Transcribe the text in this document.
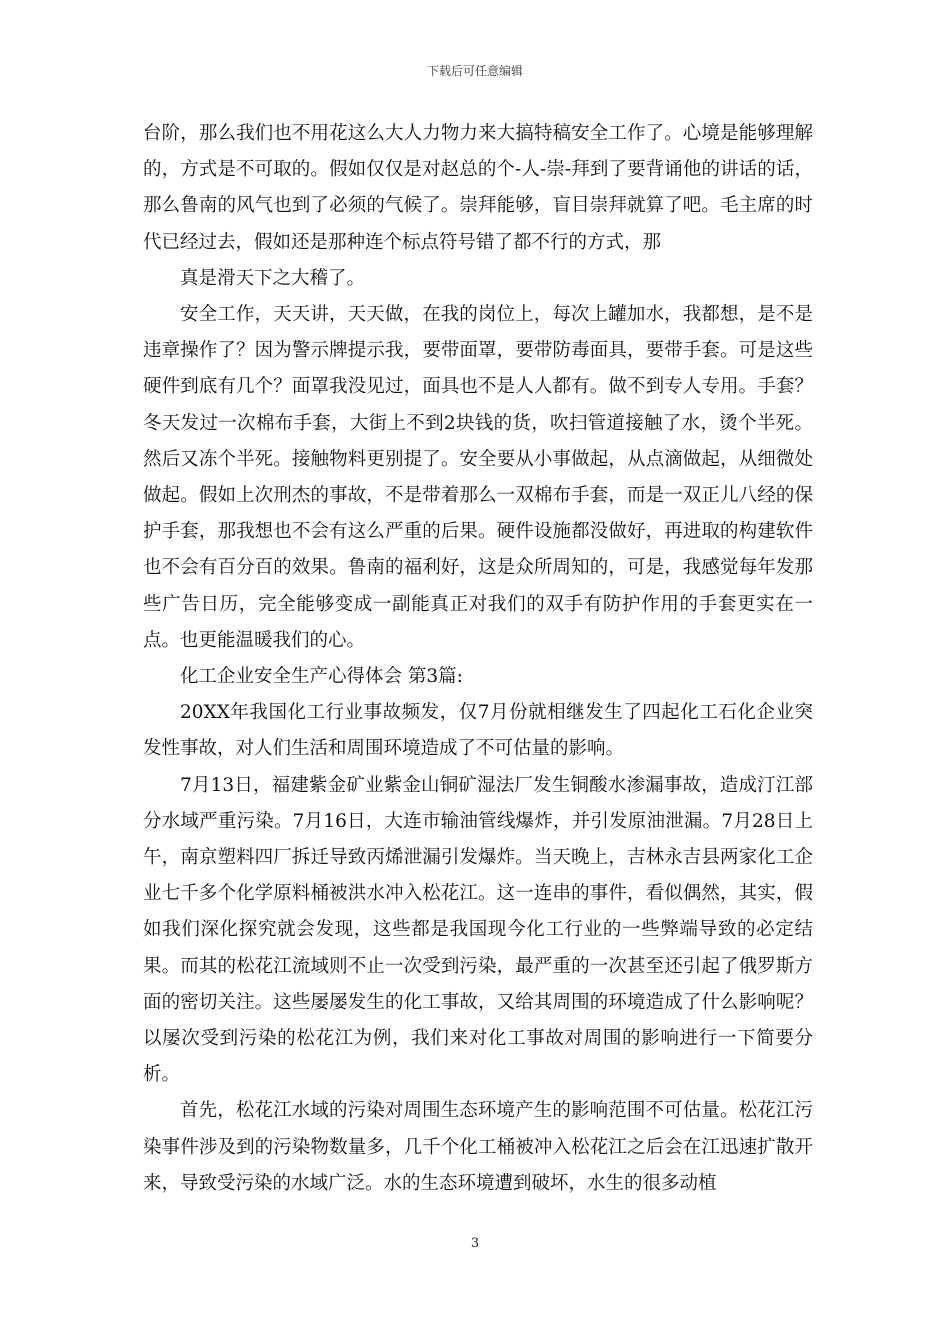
下载后可任意编辑

台阶，那么我们也不用花这么大人力物力来大搞特稿安全工作了。心境是能够理解的，方式是不可取的。假如仅仅是对赵总的个-人-崇-拜到了要背诵他的讲话的话，那么鲁南的风气也到了必须的气候了。崇拜能够，盲目崇拜就算了吧。毛主席的时代已经过去，假如还是那种连个标点符号错了都不行的方式，那

真是滑天下之大稽了。

安全工作，天天讲，天天做，在我的岗位上，每次上罐加水，我都想，是不是违章操作了？因为警示牌提示我，要带面罩，要带防毒面具，要带手套。可是这些硬件到底有几个？面罩我没见过，面具也不是人人都有。做不到专人专用。手套？冬天发过一次棉布手套，大街上不到2块钱的货，吹扫管道接触了水，烫个半死。然后又冻个半死。接触物料更别提了。安全要从小事做起，从点滴做起，从细微处做起。假如上次刑杰的事故，不是带着那么一双棉布手套，而是一双正儿八经的保护手套，那我想也不会有这么严重的后果。硬件设施都没做好，再进取的构建软件也不会有百分百的效果。鲁南的福利好，这是众所周知的，可是，我感觉每年发那些广告日历，完全能够变成一副能真正对我们的双手有防护作用的手套更实在一点。也更能温暖我们的心。

化工企业安全生产心得体会 第3篇:

20XX年我国化工行业事故频发，仅7月份就相继发生了四起化工石化企业突发性事故，对人们生活和周围环境造成了不可估量的影响。

7月13日，福建紫金矿业紫金山铜矿湿法厂发生铜酸水渗漏事故，造成汀江部分水域严重污染。7月16日，大连市输油管线爆炸，并引发原油泄漏。7月28日上午，南京塑料四厂拆迁导致丙烯泄漏引发爆炸。当天晚上，吉林永吉县两家化工企业七千多个化学原料桶被洪水冲入松花江。这一连串的事件，看似偶然，其实，假如我们深化探究就会发现，这些都是我国现今化工行业的一些弊端导致的必定结果。而其的松花江流域则不止一次受到污染，最严重的一次甚至还引起了俄罗斯方面的密切关注。这些屡屡发生的化工事故，又给其周围的环境造成了什么影响呢？以屡次受到污染的松花江为例，我们来对化工事故对周围的影响进行一下简要分析。

首先，松花江水域的污染对周围生态环境产生的影响范围不可估量。松花江污染事件涉及到的污染物数量多，几千个化工桶被冲入松花江之后会在江迅速扩散开来，导致受污染的水域广泛。水的生态环境遭到破坏，水生的很多动植

3
